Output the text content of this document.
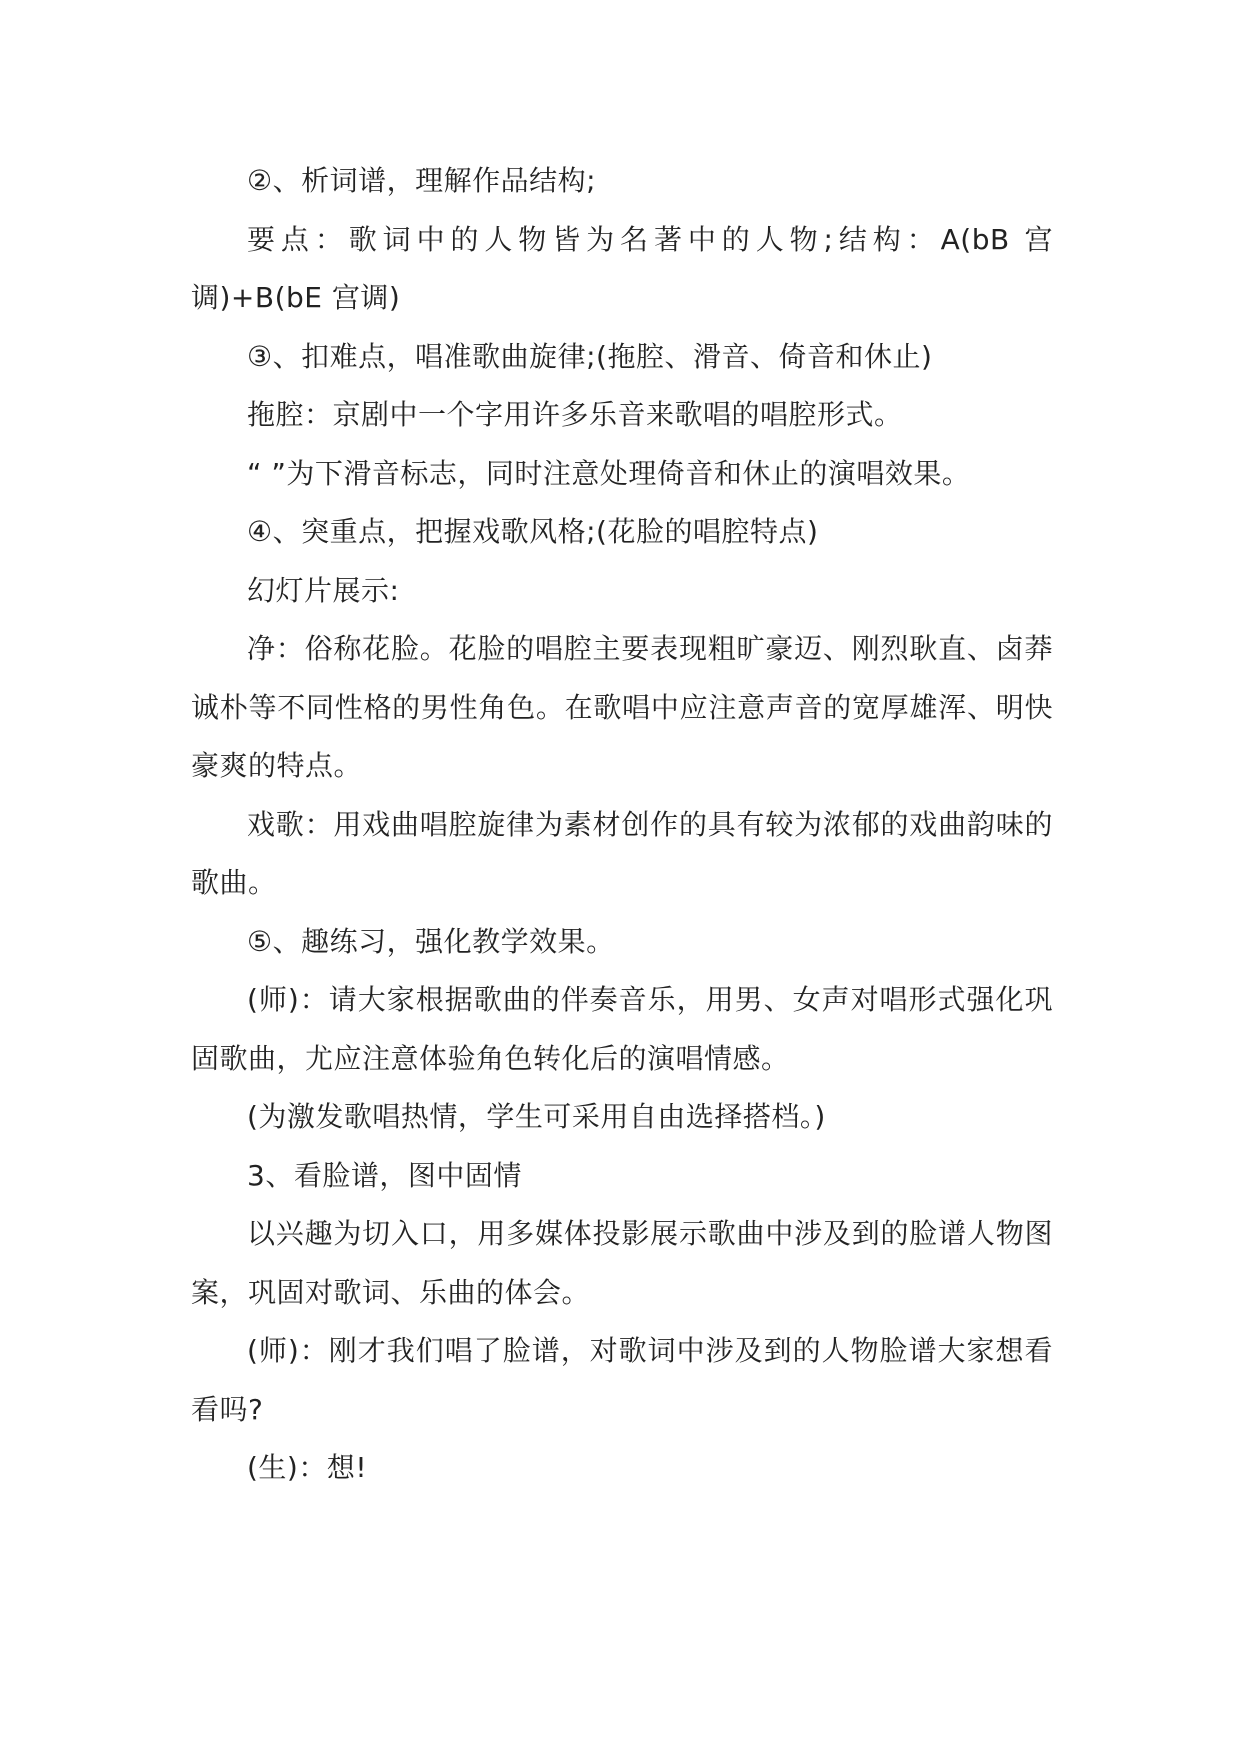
②、析词谱，理解作品结构;

要点：歌词中的人物皆为名著中的人物;结构：A(bB 宫调)+B(bE 宫调)

③、扣难点，唱准歌曲旋律;(拖腔、滑音、倚音和休止)

拖腔：京剧中一个字用许多乐音来歌唱的唱腔形式。

“ ”为下滑音标志，同时注意处理倚音和休止的演唱效果。

④、突重点，把握戏歌风格;(花脸的唱腔特点)

幻灯片展示:

净：俗称花脸。花脸的唱腔主要表现粗旷豪迈、刚烈耿直、卤莽诚朴等不同性格的男性角色。在歌唱中应注意声音的宽厚雄浑、明快豪爽的特点。

戏歌：用戏曲唱腔旋律为素材创作的具有较为浓郁的戏曲韵味的歌曲。

⑤、趣练习，强化教学效果。

(师)：请大家根据歌曲的伴奏音乐，用男、女声对唱形式强化巩固歌曲，尤应注意体验角色转化后的演唱情感。

(为激发歌唱热情，学生可采用自由选择搭档。)

3、看脸谱，图中固情

以兴趣为切入口，用多媒体投影展示歌曲中涉及到的脸谱人物图案，巩固对歌词、乐曲的体会。

(师)：刚才我们唱了脸谱，对歌词中涉及到的人物脸谱大家想看看吗?

(生)：想!
